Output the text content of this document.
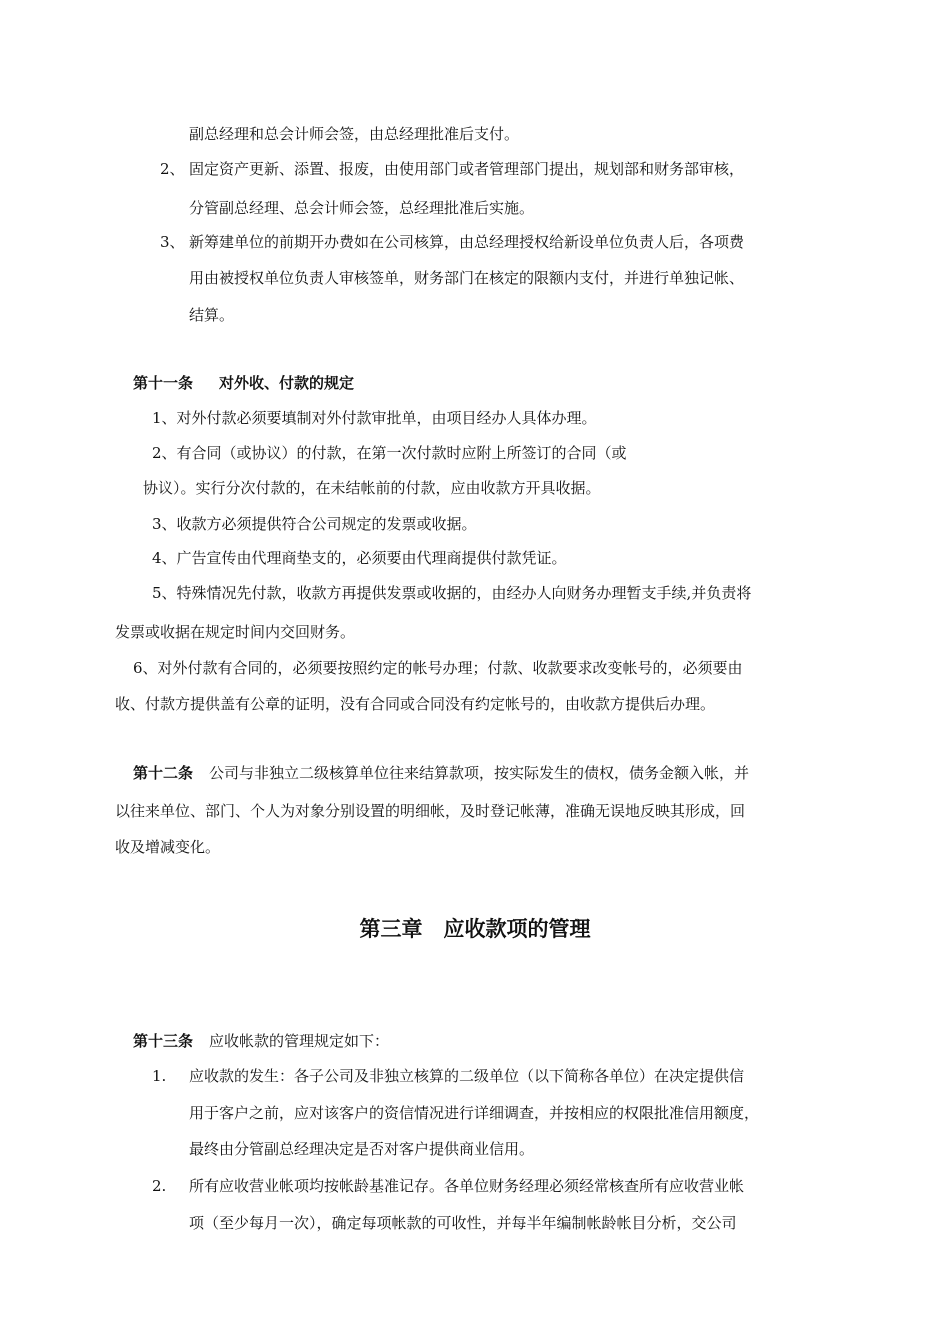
副总经理和总会计师会签，由总经理批准后支付。
2、 固定资产更新、添置、报废，由使用部门或者管理部门提出，规划部和财务部审核，
分管副总经理、总会计师会签，总经理批准后实施。
3、 新筹建单位的前期开办费如在公司核算，由总经理授权给新设单位负责人后，各项费
用由被授权单位负责人审核签单，财务部门在核定的限额内支付，并进行单独记帐、
结算。
第十一条 对外收、付款的规定
1、对外付款必须要填制对外付款审批单，由项目经办人具体办理。
2、有合同（或协议）的付款，在第一次付款时应附上所签订的合同（或
协议）。实行分次付款的，在未结帐前的付款，应由收款方开具收据。
3、收款方必须提供符合公司规定的发票或收据。
4、广告宣传由代理商垫支的，必须要由代理商提供付款凭证。
5、特殊情况先付款，收款方再提供发票或收据的，由经办人向财务办理暂支手续,并负责将
发票或收据在规定时间内交回财务。
6、对外付款有合同的，必须要按照约定的帐号办理；付款、收款要求改变帐号的，必须要由
收、付款方提供盖有公章的证明，没有合同或合同没有约定帐号的，由收款方提供后办理。
第十二条 公司与非独立二级核算单位往来结算款项，按实际发生的债权，债务金额入帐，并
以往来单位、部门、个人为对象分别设置的明细帐，及时登记帐薄，准确无误地反映其形成，回
收及增减变化。
第三章　应收款项的管理
第十三条 应收帐款的管理规定如下：
1. 应收款的发生：各子公司及非独立核算的二级单位（以下简称各单位）在决定提供信
用于客户之前，应对该客户的资信情况进行详细调查，并按相应的权限批准信用额度，
最终由分管副总经理决定是否对客户提供商业信用。
2. 所有应收营业帐项均按帐龄基准记存。各单位财务经理必须经常核查所有应收营业帐
项（至少每月一次），确定每项帐款的可收性，并每半年编制帐龄帐目分析，交公司
